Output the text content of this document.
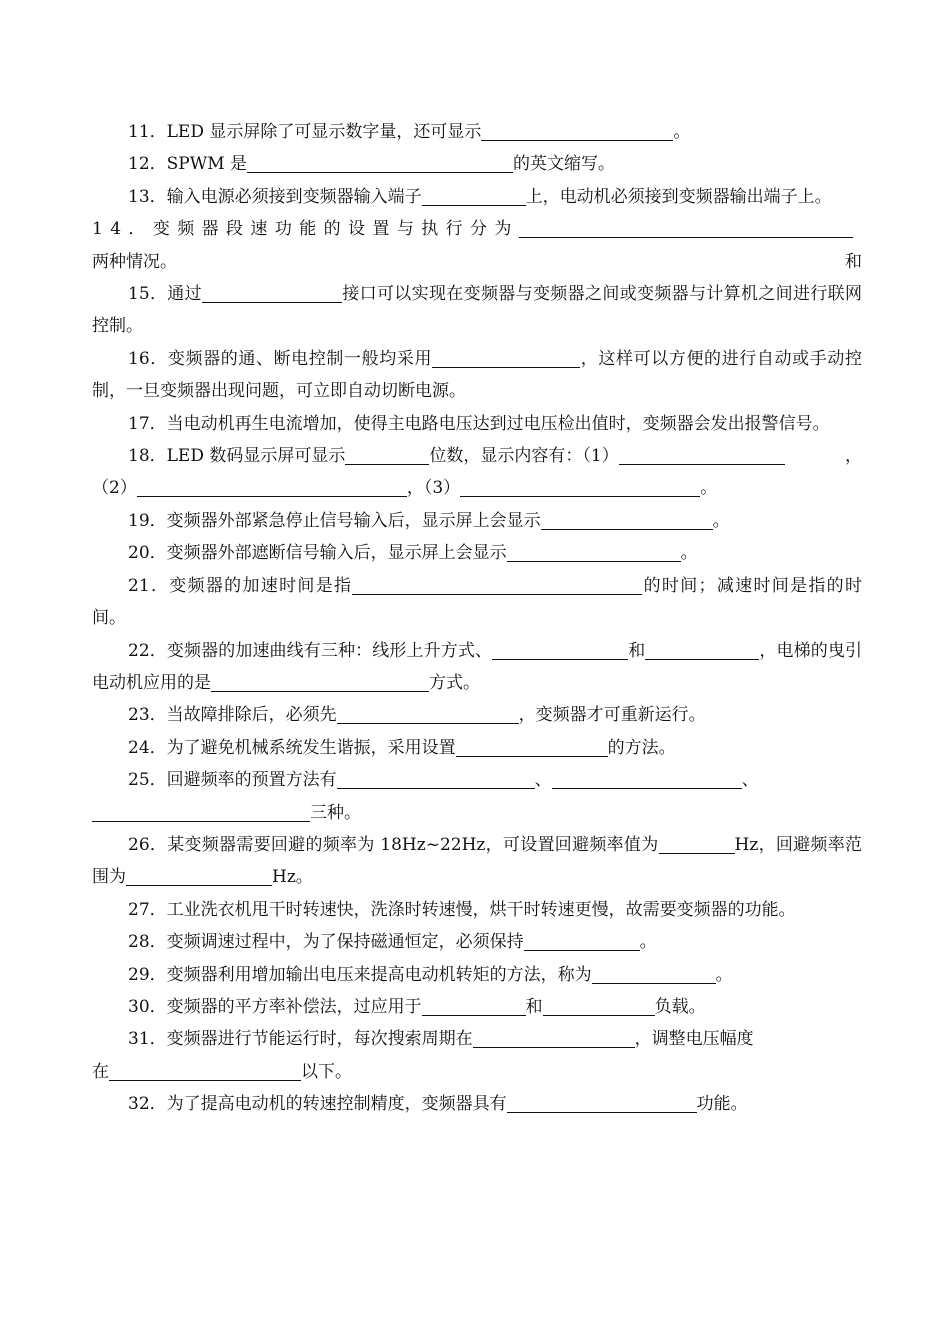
11．LED 显示屏除了可显示数字量，还可显示	。

12．SPWM 是	的英文缩写。

13．输入电源必须接到变频器输入端子	上，电动机必须接到变频器输出端子上。

14．变频器段速功能的设置与执行分为
和

两种情况。

15．通过	接口可以实现在变频器与变频器之间或变频器与计算机之间进行联网控制。

16．变频器的通、断电控制一般均采用	，这样可以方便的进行自动或手动控制，一旦变频器出现问题，可立即自动切断电源。

17．当电动机再生电流增加，使得主电路电压达到过电压检出值时，变频器会发出报警信号。

18．LED 数码显示屏可显示	位数，显示内容有：（1）	，

（2）	，（3）	。

19．变频器外部紧急停止信号输入后，显示屏上会显示	。

20．变频器外部遮断信号输入后，显示屏上会显示	。

21．变频器的加速时间是指	的时间；减速时间是指的时间。

22．变频器的加速曲线有三种：线形上升方式、	和	，电梯的曳引电动机应用的是	方式。

23．当故障排除后，必须先	，变频器才可重新运行。

24．为了避免机械系统发生谐振，采用设置	的方法。

25．回避频率的预置方法有	、	、
三种。

26．某变频器需要回避的频率为 18Hz~22Hz，可设置回避频率值为	Hz，回避频率范围为	Hz。

27．工业洗衣机甩干时转速快，洗涤时转速慢，烘干时转速更慢，故需要变频器的功能。

28．变频调速过程中，为了保持磁通恒定，必须保持	。

29．变频器利用增加输出电压来提高电动机转矩的方法，称为	。

30．变频器的平方率补偿法，过应用于	和	负载。

31．变频器进行节能运行时，每次搜索周期在	，调整电压幅度
在	以下。

32．为了提高电动机的转速控制精度，变频器具有	功能。
